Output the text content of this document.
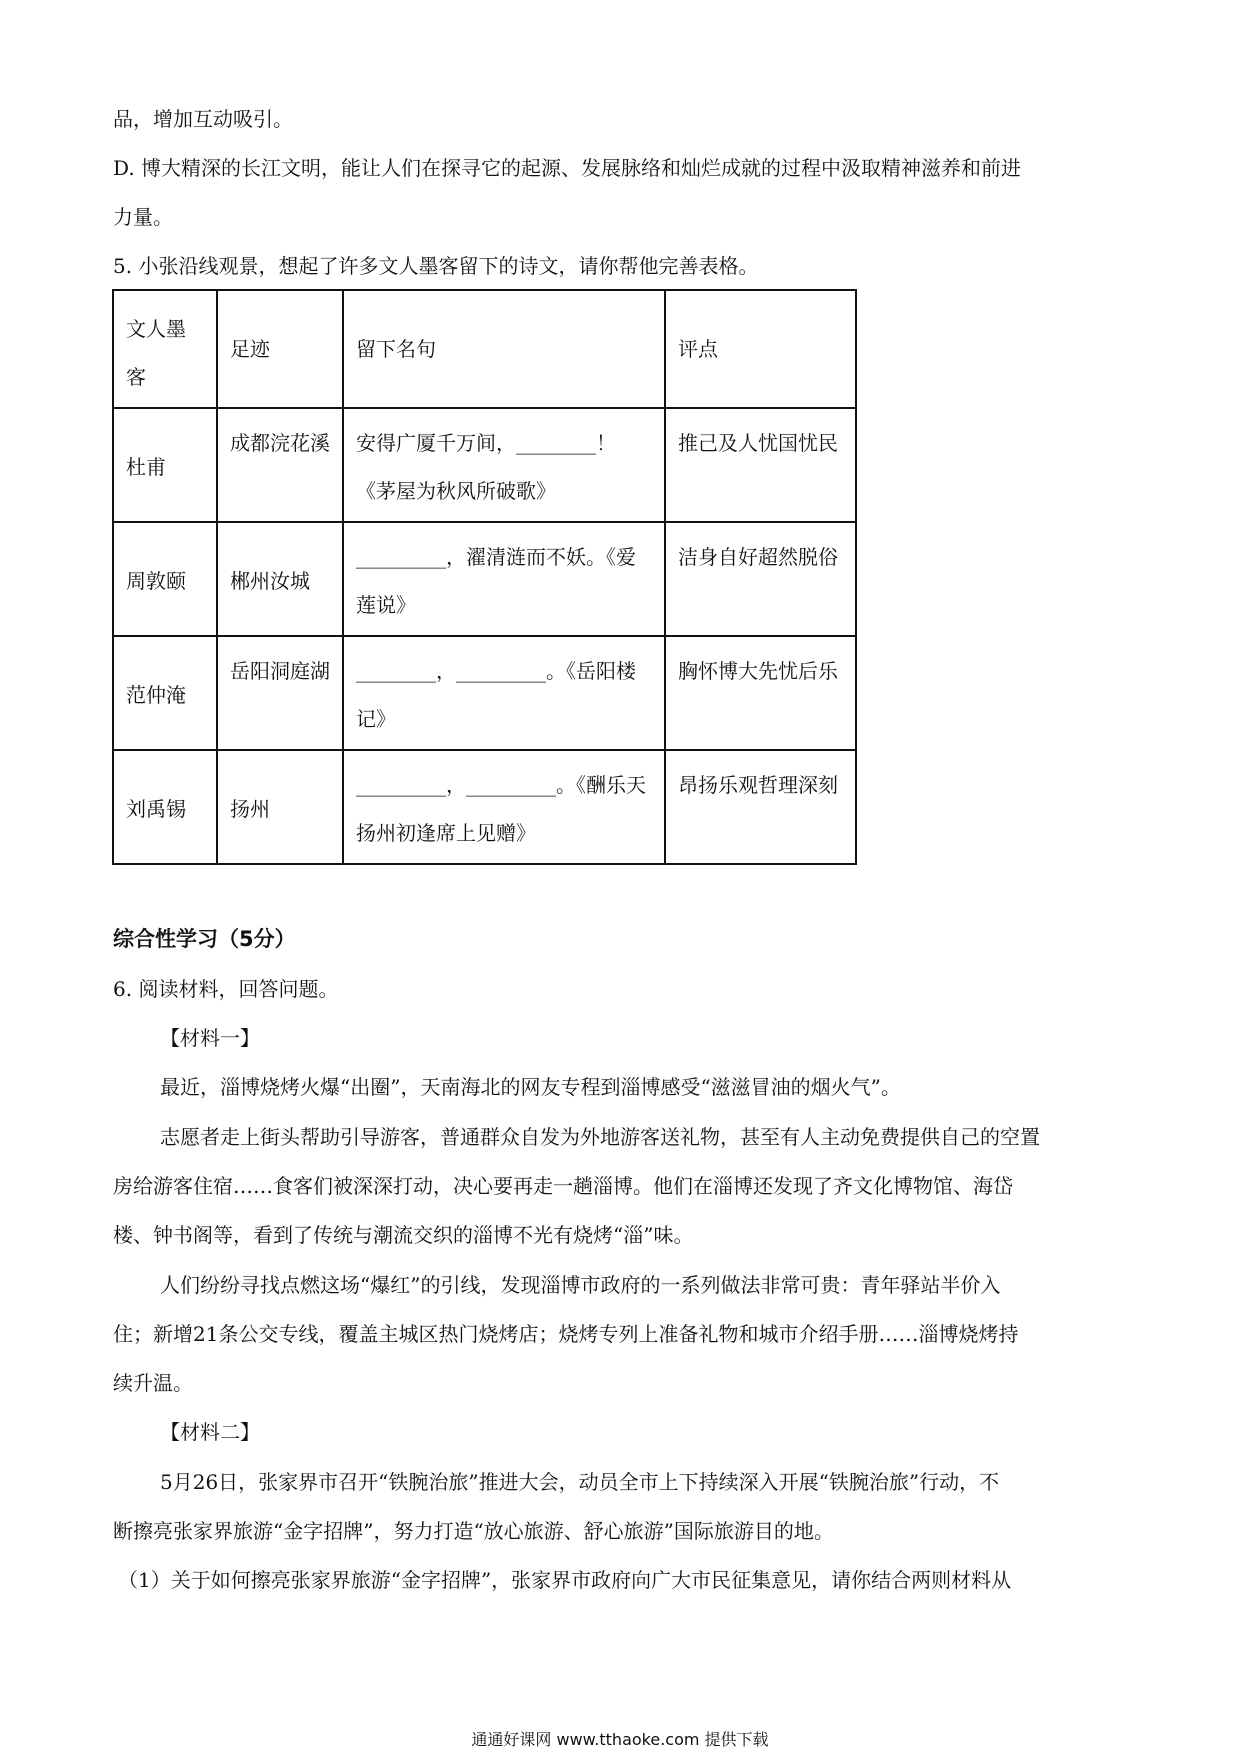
品，增加互动吸引。
D. 博大精深的长江文明，能让人们在探寻它的起源、发展脉络和灿烂成就的过程中汲取精神滋养和前进
力量。
5. 小张沿线观景，想起了许多文人墨客留下的诗文，请你帮他完善表格。
文人墨客	足迹	留下名句	评点
杜甫	成都浣花溪	安得广厦千万间，________！《茅屋为秋风所破歌》	推己及人忧国忧民
周敦颐	郴州汝城	_________，濯清涟而不妖。《爱莲说》	洁身自好超然脱俗
范仲淹	岳阳洞庭湖	________，_________。《岳阳楼记》	胸怀博大先忧后乐
刘禹锡	扬州	_________，_________。《酬乐天扬州初逢席上见赠》	昂扬乐观哲理深刻
综合性学习（5分）
6. 阅读材料，回答问题。
【材料一】
最近，淄博烧烤火爆“出圈”，天南海北的网友专程到淄博感受“滋滋冒油的烟火气”。
志愿者走上街头帮助引导游客，普通群众自发为外地游客送礼物，甚至有人主动免费提供自己的空置
房给游客住宿……食客们被深深打动，决心要再走一趟淄博。他们在淄博还发现了齐文化博物馆、海岱
楼、钟书阁等，看到了传统与潮流交织的淄博不光有烧烤“淄”味。
人们纷纷寻找点燃这场“爆红”的引线，发现淄博市政府的一系列做法非常可贵：青年驿站半价入
住；新增21条公交专线，覆盖主城区热门烧烤店；烧烤专列上准备礼物和城市介绍手册……淄博烧烤持
续升温。
【材料二】
5月26日，张家界市召开“铁腕治旅”推进大会，动员全市上下持续深入开展“铁腕治旅”行动，不
断擦亮张家界旅游“金字招牌”，努力打造“放心旅游、舒心旅游”国际旅游目的地。
（1）关于如何擦亮张家界旅游“金字招牌”，张家界市政府向广大市民征集意见，请你结合两则材料从
通通好课网 www.tthaoke.com 提供下载
